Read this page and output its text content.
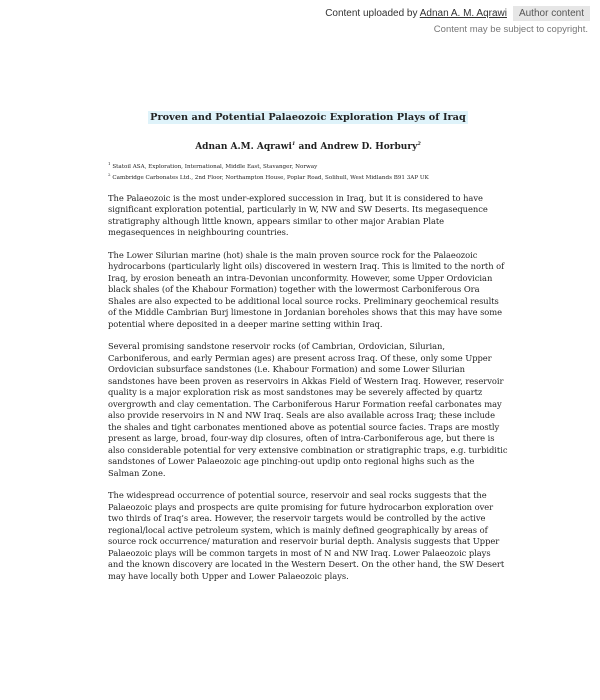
Content uploaded by Adnan A. M. Aqrawi	Author content
Content may be subject to copyright.
Proven and Potential Palaeozoic Exploration Plays of Iraq
Adnan A.M. Aqrawi$^1$ and Andrew D. Horbury$^2$
$^1$ Statoil ASA, Exploration, International, Middle East, Stavanger, Norway
$^2$ Cambridge Carbonates Ltd., 2nd Floor, Northampton House, Poplar Road, Solihull, West Midlands B91 3AP UK

The Palaeozoic is the most under-explored succession in Iraq, but it is considered to have significant exploration potential, particularly in W, NW and SW Deserts. Its megasequence stratigraphy although little known, appears similar to other major Arabian Plate megasequences in neighbouring countries.

The Lower Silurian marine (hot) shale is the main proven source rock for the Palaeozoic hydrocarbons (particularly light oils) discovered in western Iraq. This is limited to the north of Iraq, by erosion beneath an intra-Devonian unconformity. However, some Upper Ordovician black shales (of the Khabour Formation) together with the lowermost Carboniferous Ora Shales are also expected to be additional local source rocks. Preliminary geochemical results of the Middle Cambrian Burj limestone in Jordanian boreholes shows that this may have some potential where deposited in a deeper marine setting within Iraq.

Several promising sandstone reservoir rocks (of Cambrian, Ordovician, Silurian, Carboniferous, and early Permian ages) are present across Iraq. Of these, only some Upper Ordovician subsurface sandstones (i.e. Khabour Formation) and some Lower Silurian sandstones have been proven as reservoirs in Akkas Field of Western Iraq. However, reservoir quality is a major exploration risk as most sandstones may be severely affected by quartz overgrowth and clay cementation. The Carboniferous Harur Formation reefal carbonates may also provide reservoirs in N and NW Iraq. Seals are also available across Iraq; these include the shales and tight carbonates mentioned above as potential source facies. Traps are mostly present as large, broad, four-way dip closures, often of intra-Carboniferous age, but there is also considerable potential for very extensive combination or stratigraphic traps, e.g. turbiditic sandstones of Lower Palaeozoic age pinching-out updip onto regional highs such as the Salman Zone.

The widespread occurrence of potential source, reservoir and seal rocks suggests that the Palaeozoic plays and prospects are quite promising for future hydrocarbon exploration over two thirds of Iraq’s area. However, the reservoir targets would be controlled by the active regional/local active petroleum system, which is mainly defined geographically by areas of source rock occurrence/ maturation and reservoir burial depth. Analysis suggests that Upper Palaeozoic plays will be common targets in most of N and NW Iraq. Lower Palaeozoic plays and the known discovery are located in the Western Desert. On the other hand, the SW Desert may have locally both Upper and Lower Palaeozoic plays.
